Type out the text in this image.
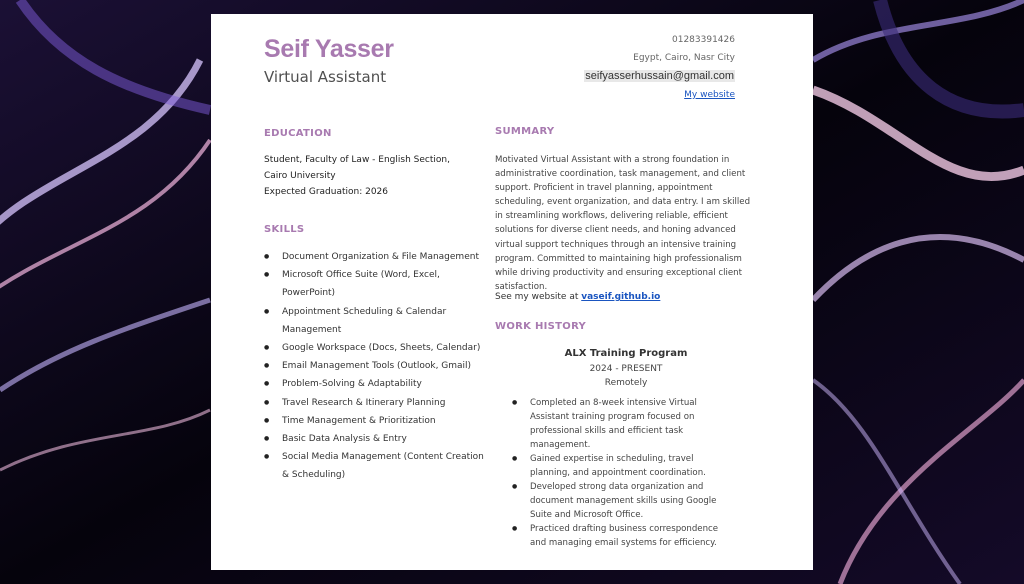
Seif Yasser
Virtual Assistant
01283391426
Egypt, Cairo, Nasr City
seifyasserhussain@gmail.com
My website
EDUCATION
Student, Faculty of Law - English Section, Cairo University
Expected Graduation: 2026
SKILLS
● Document Organization & File Management
● Microsoft Office Suite (Word, Excel, PowerPoint)
● Appointment Scheduling & Calendar Management
● Google Workspace (Docs, Sheets, Calendar)
● Email Management Tools (Outlook, Gmail)
● Problem-Solving & Adaptability
● Travel Research & Itinerary Planning
● Time Management & Prioritization
● Basic Data Analysis & Entry
● Social Media Management (Content Creation & Scheduling)
SUMMARY
Motivated Virtual Assistant with a strong foundation in administrative coordination, task management, and client support. Proficient in travel planning, appointment scheduling, event organization, and data entry. I am skilled in streamlining workflows, delivering reliable, efficient solutions for diverse client needs, and honing advanced virtual support techniques through an intensive training program. Committed to maintaining high professionalism while driving productivity and ensuring exceptional client satisfaction.
See my website at vaseif.github.io
WORK HISTORY
ALX Training Program
2024 - PRESENT
Remotely
● Completed an 8-week intensive Virtual Assistant training program focused on professional skills and efficient task management.
● Gained expertise in scheduling, travel planning, and appointment coordination.
● Developed strong data organization and document management skills using Google Suite and Microsoft Office.
● Practiced drafting business correspondence and managing email systems for efficiency.
